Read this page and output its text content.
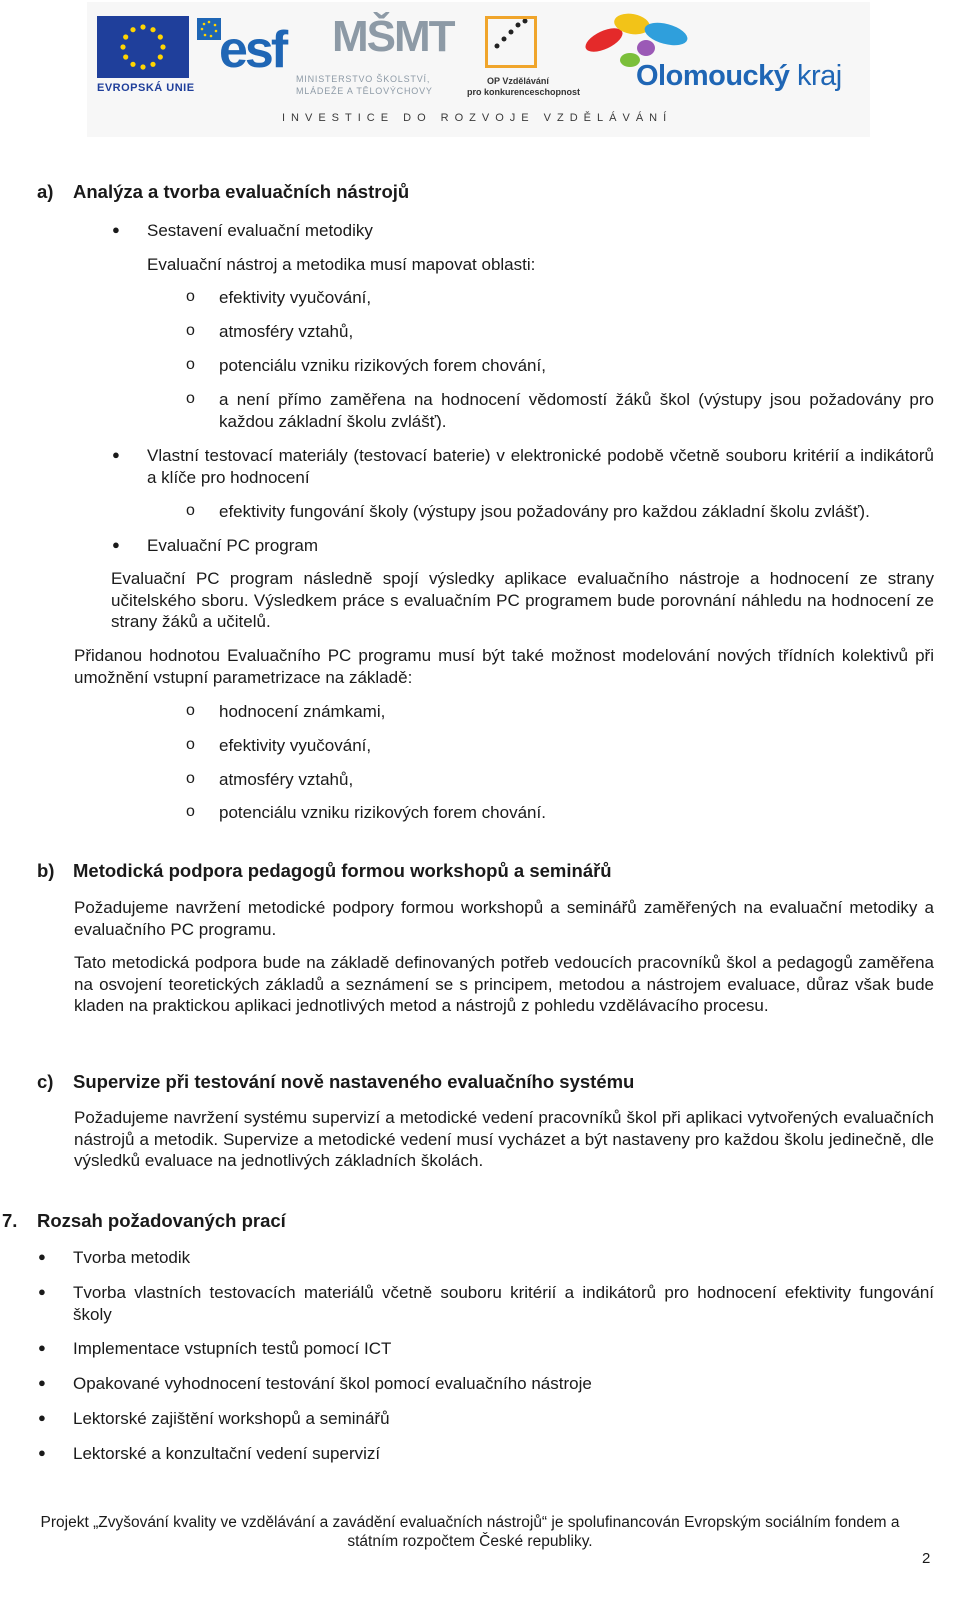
EVROPSKÁ UNIE
esf MŠMT
MINISTERSTVO ŠKOLSTVÍ,
MLÁDEŽE A TĚLOVÝCHOVY
OP Vzdělávání
pro konkurenceschopnost Olomoucký kraj
INVESTICE DO ROZVOJE VZDĚLÁVÁNÍ
a) Analýza a tvorba evaluačních nástrojů
● Sestavení evaluační metodiky
Evaluační nástroj a metodika musí mapovat oblasti:
o efektivity vyučování,
o atmosféry vztahů,
o potenciálu vzniku rizikových forem chování,
o a není přímo zaměřena na hodnocení vědomostí žáků škol (výstupy jsou požadovány pro každou základní školu zvlášť).
● Vlastní testovací materiály (testovací baterie) v elektronické podobě včetně souboru kritérií a indikátorů a klíče pro hodnocení
o efektivity fungování školy (výstupy jsou požadovány pro každou základní školu zvlášť).
● Evaluační PC program
Evaluační PC program následně spojí výsledky aplikace evaluačního nástroje a hodnocení ze strany učitelského sboru. Výsledkem práce s evaluačním PC programem bude porovnání náhledu na hodnocení ze strany žáků a učitelů.
Přidanou hodnotou Evaluačního PC programu musí být také možnost modelování nových třídních kolektivů při umožnění vstupní parametrizace na základě:
o hodnocení známkami,
o efektivity vyučování,
o atmosféry vztahů,
o potenciálu vzniku rizikových forem chování.
b) Metodická podpora pedagogů formou workshopů a seminářů
Požadujeme navržení metodické podpory formou workshopů a seminářů zaměřených na evaluační metodiky a evaluačního PC programu.
Tato metodická podpora bude na základě definovaných potřeb vedoucích pracovníků škol a pedagogů zaměřena na osvojení teoretických základů a seznámení se s principem, metodou a nástrojem evaluace, důraz však bude kladen na praktickou aplikaci jednotlivých metod a nástrojů z pohledu vzdělávacího procesu.
c) Supervize při testování nově nastaveného evaluačního systému
Požadujeme navržení systému supervizí a metodické vedení pracovníků škol při aplikaci vytvořených evaluačních nástrojů a metodik. Supervize a metodické vedení musí vycházet a být nastaveny pro každou školu jedinečně, dle výsledků evaluace na jednotlivých základních školách.
7. Rozsah požadovaných prací
● Tvorba metodik
● Tvorba vlastních testovacích materiálů včetně souboru kritérií a indikátorů pro hodnocení efektivity fungování školy
● Implementace vstupních testů pomocí ICT
● Opakované vyhodnocení testování škol pomocí evaluačního nástroje
● Lektorské zajištění workshopů a seminářů
● Lektorské a konzultační vedení supervizí
Projekt „Zvyšování kvality ve vzdělávání a zavádění evaluačních nástrojů“ je spolufinancován Evropským sociálním fondem a
státním rozpočtem České republiky.
2
